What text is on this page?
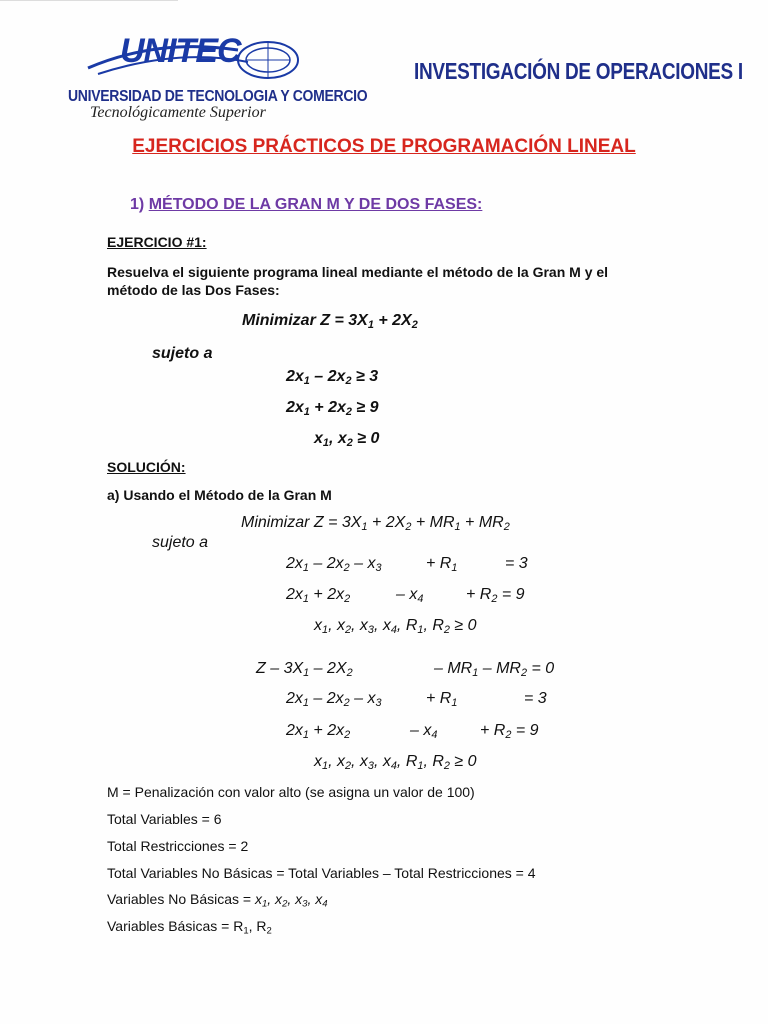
UNITEC
UNIVERSIDAD DE TECNOLOGIA Y COMERCIO
Tecnológicamente Superior
INVESTIGACIÓN DE OPERACIONES I
EJERCICIOS PRÁCTICOS DE PROGRAMACIÓN LINEAL
1) MÉTODO DE LA GRAN M Y DE DOS FASES:
EJERCICIO #1:
Resuelva el siguiente programa lineal mediante el método de la Gran M y el
método de las Dos Fases:
Minimizar $Z = 3X_1 + 2X_2$
sujeto a
$2x_1 - 2x_2 \ge 3$
$2x_1 + 2x_2 \ge 9$
$x_1$, $x_2 \ge 0$
SOLUCIÓN:
a) Usando el Método de la Gran M
Minimizar $Z = 3X_1 + 2X_2 + MR_1 + MR_2$
sujeto a
$2x_1 - 2x_2 - x_3$	+ $R_1$	= 3
$2x_1 + 2x_2$	– $x_4$	+ $R_2 = 9$
$x_1$, $x_2$, $x_3$, $x_4$, $R_1$, $R_2 \ge 0$
Z – $3X_1 - 2X_2$	– $MR_1 - MR_2 = 0$
$2x_1 - 2x_2 - x_3$	+ $R_1$	= 3
$2x_1 + 2x_2$	– $x_4$	+ $R_2 = 9$
$x_1$, $x_2$, $x_3$, $x_4$, $R_1$, $R_2 \ge 0$
M = Penalización con valor alto (se asigna un valor de 100)
Total Variables = 6
Total Restricciones = 2
Total Variables No Básicas = Total Variables – Total Restricciones = 4
Variables No Básicas = $x_1$, $x_2$, $x_3$, $x_4$
Variables Básicas = $R_1$, $R_2$
